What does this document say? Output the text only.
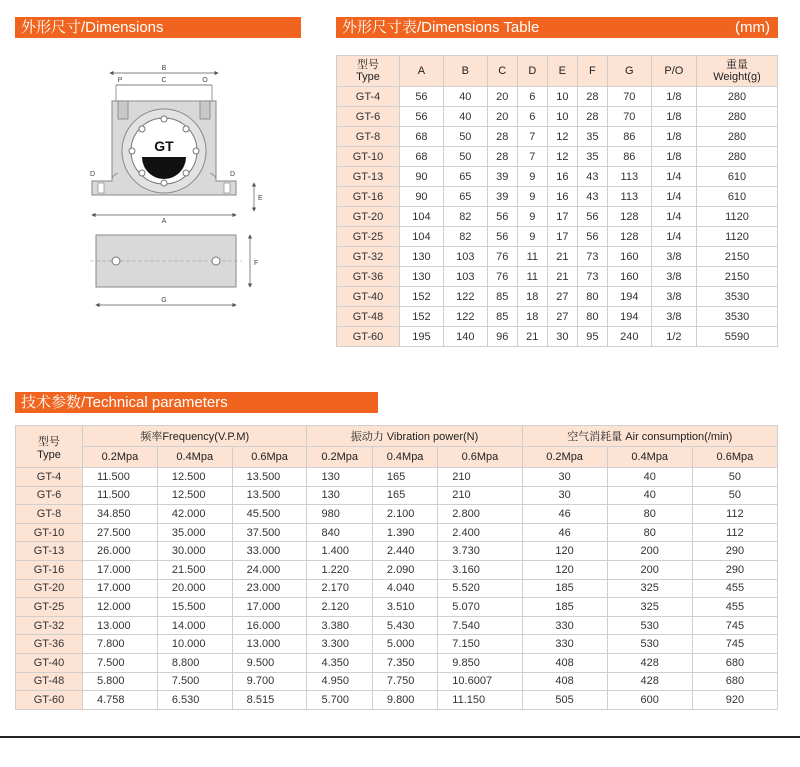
外形尺寸/Dimensions	外形尺寸表/Dimensions Table	(mm)
技术参数/Technical parameters
B
P	C	O
GT
D	D
E
A
F
G
型号
Type	A	B	C	D	E	F	G	P/O	重量
Weight(g)
GT-4	56	40	20	6	10	28	70	1/8	280
GT-6	56	40	20	6	10	28	70	1/8	280
GT-8	68	50	28	7	12	35	86	1/8	280
GT-10	68	50	28	7	12	35	86	1/8	280
GT-13	90	65	39	9	16	43	113	1/4	610
GT-16	90	65	39	9	16	43	113	1/4	610
GT-20	104	82	56	9	17	56	128	1/4	1120
GT-25	104	82	56	9	17	56	128	1/4	1120
GT-32	130	103	76	11	21	73	160	3/8	2150
GT-36	130	103	76	11	21	73	160	3/8	2150
GT-40	152	122	85	18	27	80	194	3/8	3530
GT-48	152	122	85	18	27	80	194	3/8	3530
GT-60	195	140	96	21	30	95	240	1/2	5590
型号
Type	频率Frequency(V.P.M)			振动力 Vibration power(N)			空气消耗量 Air consumption(/min)		
	0.2Mpa	0.4Mpa	0.6Mpa	0.2Mpa	0.4Mpa	0.6Mpa	0.2Mpa	0.4Mpa	0.6Mpa
GT-4	11.500	12.500	13.500	130	165	210	30	40	50
GT-6	11.500	12.500	13.500	130	165	210	30	40	50
GT-8	34.850	42.000	45.500	980	2.100	2.800	46	80	112
GT-10	27.500	35.000	37.500	840	1.390	2.400	46	80	112
GT-13	26.000	30.000	33.000	1.400	2.440	3.730	120	200	290
GT-16	17.000	21.500	24.000	1.220	2.090	3.160	120	200	290
GT-20	17.000	20.000	23.000	2.170	4.040	5.520	185	325	455
GT-25	12.000	15.500	17.000	2.120	3.510	5.070	185	325	455
GT-32	13.000	14.000	16.000	3.380	5.430	7.540	330	530	745
GT-36	7.800	10.000	13.000	3.300	5.000	7.150	330	530	745
GT-40	7.500	8.800	9.500	4.350	7.350	9.850	408	428	680
GT-48	5.800	7.500	9.700	4.950	7.750	10.6007	408	428	680
GT-60	4.758	6.530	8.515	5.700	9.800	11.150	505	600	920
